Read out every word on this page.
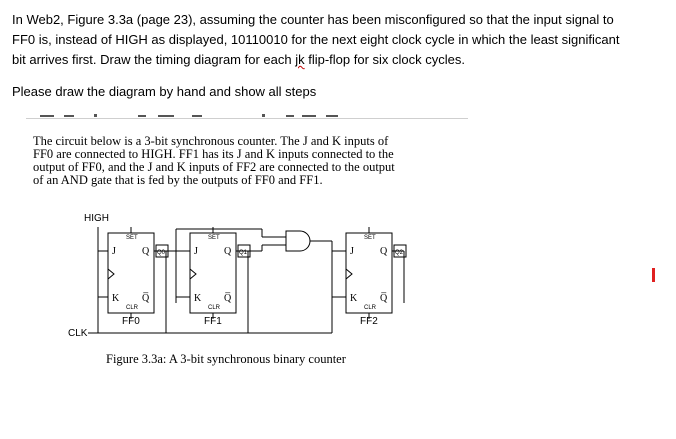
In Web2, Figure 3.3a (page 23), assuming the counter has been misconfigured so that the input signal to
FF0 is, instead of HIGH as displayed, 10110010 for the next eight clock cycle in which the least significant
bit arrives first. Draw the timing diagram for each jk flip-flop for six clock cycles.
Please draw the diagram by hand and show all steps
The circuit below is a 3-bit synchronous counter. The J and K inputs of
FF0 are connected to HIGH. FF1 has its J and K inputs connected to the
output of FF0, and the J and K inputs of FF2 are connected to the output
of an AND gate that is fed by the outputs of FF0 and FF1.
HIGH
CLK
J
K
Q
Q̅
SET
CLR
FF0
Q0	J
K
Q
Q̅
SET
CLR
FF1
Q1	J
K
Q
Q̅
SET
CLR
FF2
Q2
Figure 3.3a: A 3-bit synchronous binary counter
